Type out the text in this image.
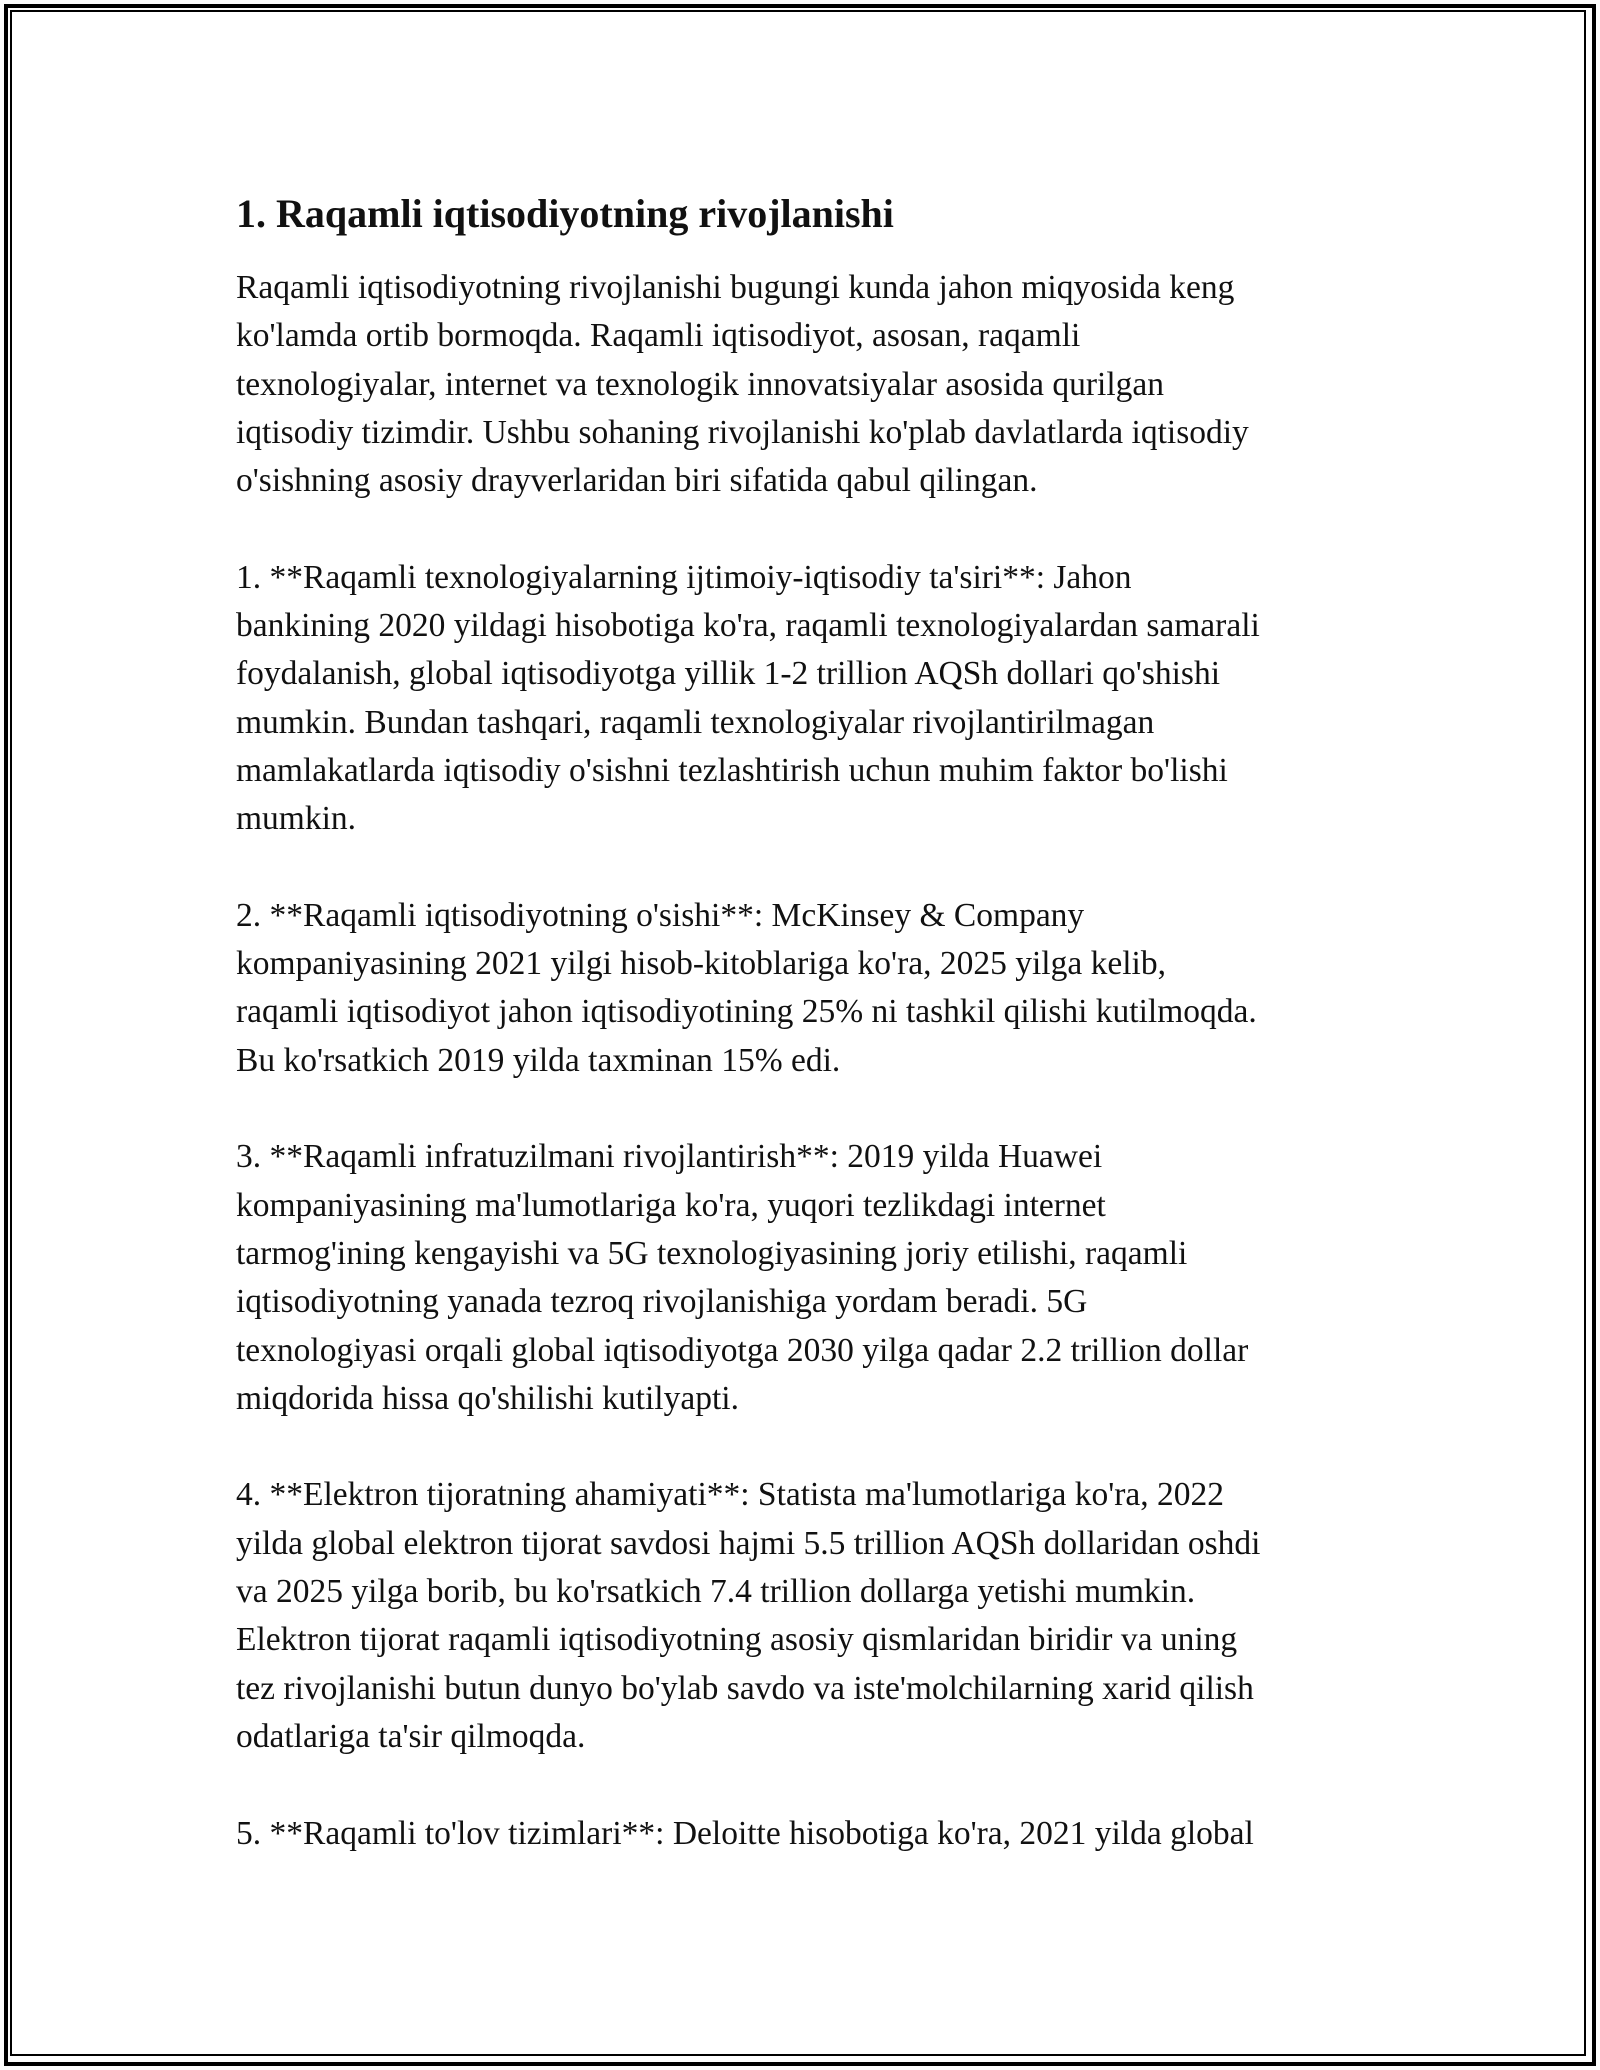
1. Raqamli iqtisodiyotning rivojlanishi

Raqamli iqtisodiyotning rivojlanishi bugungi kunda jahon miqyosida keng
ko'lamda ortib bormoqda. Raqamli iqtisodiyot, asosan, raqamli
texnologiyalar, internet va texnologik innovatsiyalar asosida qurilgan
iqtisodiy tizimdir. Ushbu sohaning rivojlanishi ko'plab davlatlarda iqtisodiy
o'sishning asosiy drayverlaridan biri sifatida qabul qilingan.

1. **Raqamli texnologiyalarning ijtimoiy-iqtisodiy ta'siri**: Jahon
bankining 2020 yildagi hisobotiga ko'ra, raqamli texnologiyalardan samarali
foydalanish, global iqtisodiyotga yillik 1-2 trillion AQSh dollari qo'shishi
mumkin. Bundan tashqari, raqamli texnologiyalar rivojlantirilmagan
mamlakatlarda iqtisodiy o'sishni tezlashtirish uchun muhim faktor bo'lishi
mumkin.

2. **Raqamli iqtisodiyotning o'sishi**: McKinsey & Company
kompaniyasining 2021 yilgi hisob-kitoblariga ko'ra, 2025 yilga kelib,
raqamli iqtisodiyot jahon iqtisodiyotining 25% ni tashkil qilishi kutilmoqda.
Bu ko'rsatkich 2019 yilda taxminan 15% edi.

3. **Raqamli infratuzilmani rivojlantirish**: 2019 yilda Huawei
kompaniyasining ma'lumotlariga ko'ra, yuqori tezlikdagi internet
tarmog'ining kengayishi va 5G texnologiyasining joriy etilishi, raqamli
iqtisodiyotning yanada tezroq rivojlanishiga yordam beradi. 5G
texnologiyasi orqali global iqtisodiyotga 2030 yilga qadar 2.2 trillion dollar
miqdorida hissa qo'shilishi kutilyapti.

4. **Elektron tijoratning ahamiyati**: Statista ma'lumotlariga ko'ra, 2022
yilda global elektron tijorat savdosi hajmi 5.5 trillion AQSh dollaridan oshdi
va 2025 yilga borib, bu ko'rsatkich 7.4 trillion dollarga yetishi mumkin.
Elektron tijorat raqamli iqtisodiyotning asosiy qismlaridan biridir va uning
tez rivojlanishi butun dunyo bo'ylab savdo va iste'molchilarning xarid qilish
odatlariga ta'sir qilmoqda.

5. **Raqamli to'lov tizimlari**: Deloitte hisobotiga ko'ra, 2021 yilda global
